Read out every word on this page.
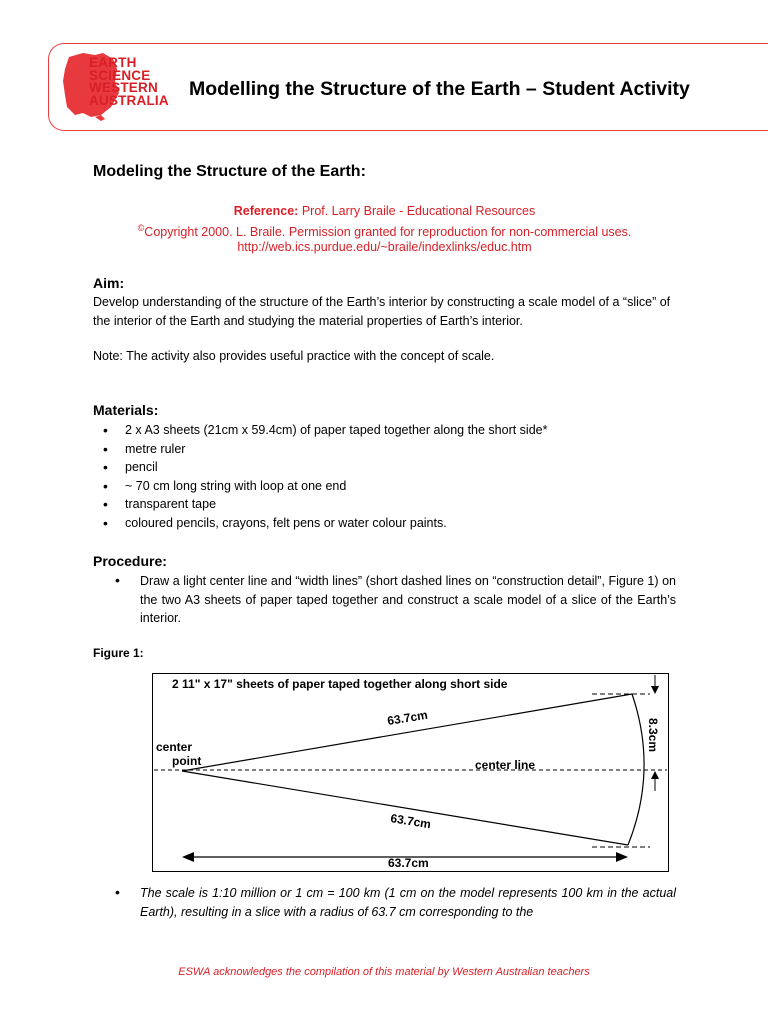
EARTH
SCIENCE
WESTERN
AUSTRALIA Modelling the Structure of the Earth – Student Activity
Modeling the Structure of the Earth:
Reference: Prof. Larry Braile - Educational Resources
©Copyright 2000. L. Braile. Permission granted for reproduction for non-commercial uses.
http://web.ics.purdue.edu/~braile/indexlinks/educ.htm
Aim:
Develop understanding of the structure of the Earth’s interior by constructing a scale model of a “slice” of the interior of the Earth and studying the material properties of Earth’s interior.
Note: The activity also provides useful practice with the concept of scale.
Materials:
• 2 x A3 sheets (21cm x 59.4cm) of paper taped together along the short side*
• metre ruler
• pencil
• ~ 70 cm long string with loop at one end
• transparent tape
• coloured pencils, crayons, felt pens or water colour paints.
Procedure:
•	Draw a light center line and “width lines” (short dashed lines on “construction detail”, Figure 1) on the two A3 sheets of paper taped together and construct a scale model of a slice of the Earth’s interior.
Figure 1:
•	The scale is 1:10 million or 1 cm = 100 km (1 cm on the model represents 100 km in the actual Earth), resulting in a slice with a radius of 63.7 cm corresponding to the
2 11" x 17" sheets of paper taped together along short side
63.7cm
63.7cm
center line
center
point
63.7cm
8.3cm
ESWA acknowledges the compilation of this material by Western Australian teachers
